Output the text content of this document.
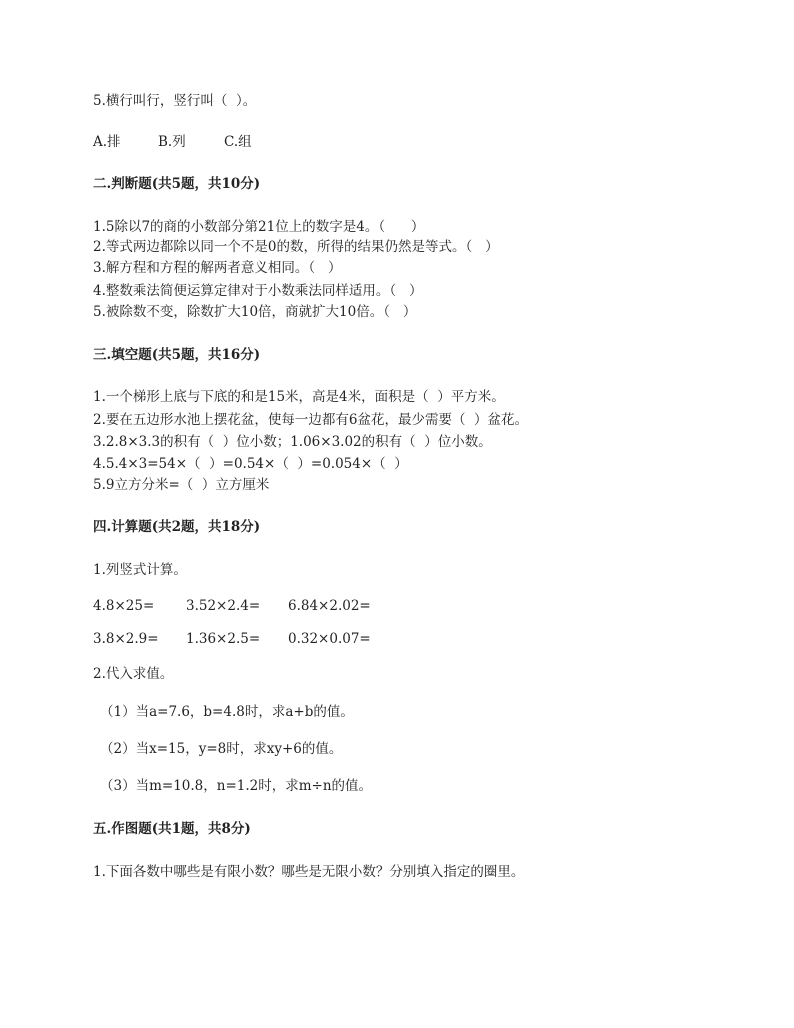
5.横行叫行，竖行叫（  ）。
A.排	B.列	C.组
二.判断题(共5题，共10分)
1.5除以7的商的小数部分第21位上的数字是4。（      ）
2.等式两边都除以同一个不是0的数，所得的结果仍然是等式。（   ）
3.解方程和方程的解两者意义相同。（   ）
4.整数乘法简便运算定律对于小数乘法同样适用。（   ）
5.被除数不变，除数扩大10倍，商就扩大10倍。（   ）
三.填空题(共5题，共16分)
1.一个梯形上底与下底的和是15米，高是4米，面积是（  ）平方米。
2.要在五边形水池上摆花盆，使每一边都有6盆花，最少需要（  ）盆花。
3.2.8×3.3的积有（  ）位小数；1.06×3.02的积有（  ）位小数。
4.5.4×3=54×（  ）=0.54×（  ）=0.054×（  ）
5.9立方分米=（  ）立方厘米
四.计算题(共2题，共18分)
1.列竖式计算。
4.8×25= 3.52×2.4= 6.84×2.02=
3.8×2.9= 1.36×2.5= 0.32×0.07=
2.代入求值。
（1）当a=7.6，b=4.8时，求a+b的值。
（2）当x=15，y=8时，求xy+6的值。
（3）当m=10.8，n=1.2时，求m÷n的值。
五.作图题(共1题，共8分)
1.下面各数中哪些是有限小数？哪些是无限小数？分别填入指定的圈里。
